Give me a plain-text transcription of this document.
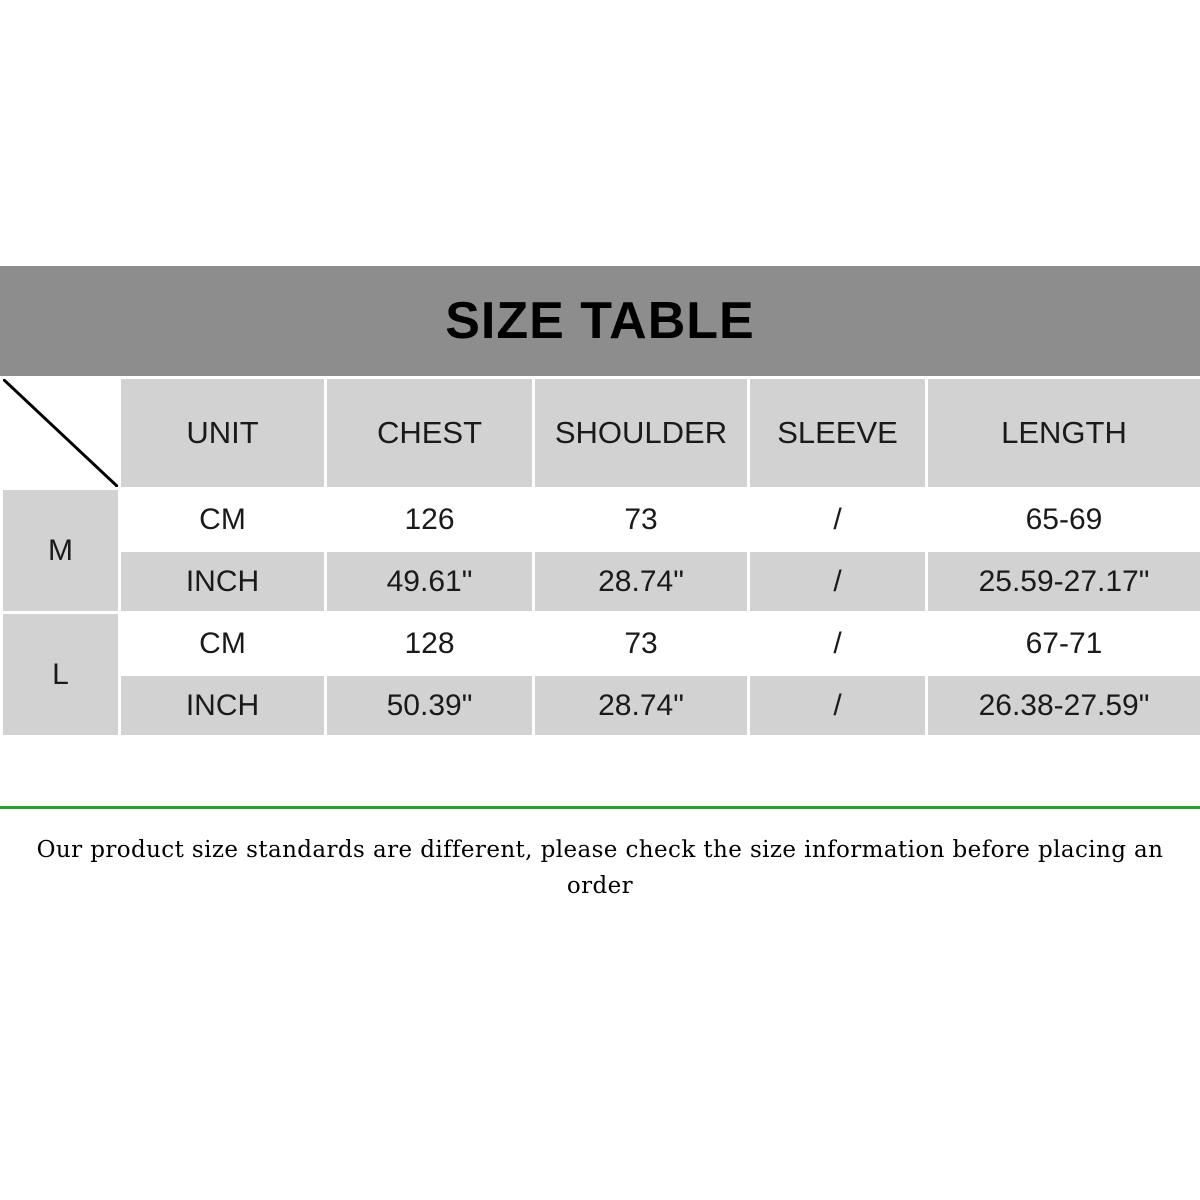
SIZE TABLE
	UNIT	CHEST	SHOULDER	SLEEVE	LENGTH
M	CM	126	73	/	65-69
	INCH	49.61"	28.74"	/	25.59-27.17"
L	CM	128	73	/	67-71
	INCH	50.39"	28.74"	/	26.38-27.59"
Our product size standards are different, please check the size information before placing an order
